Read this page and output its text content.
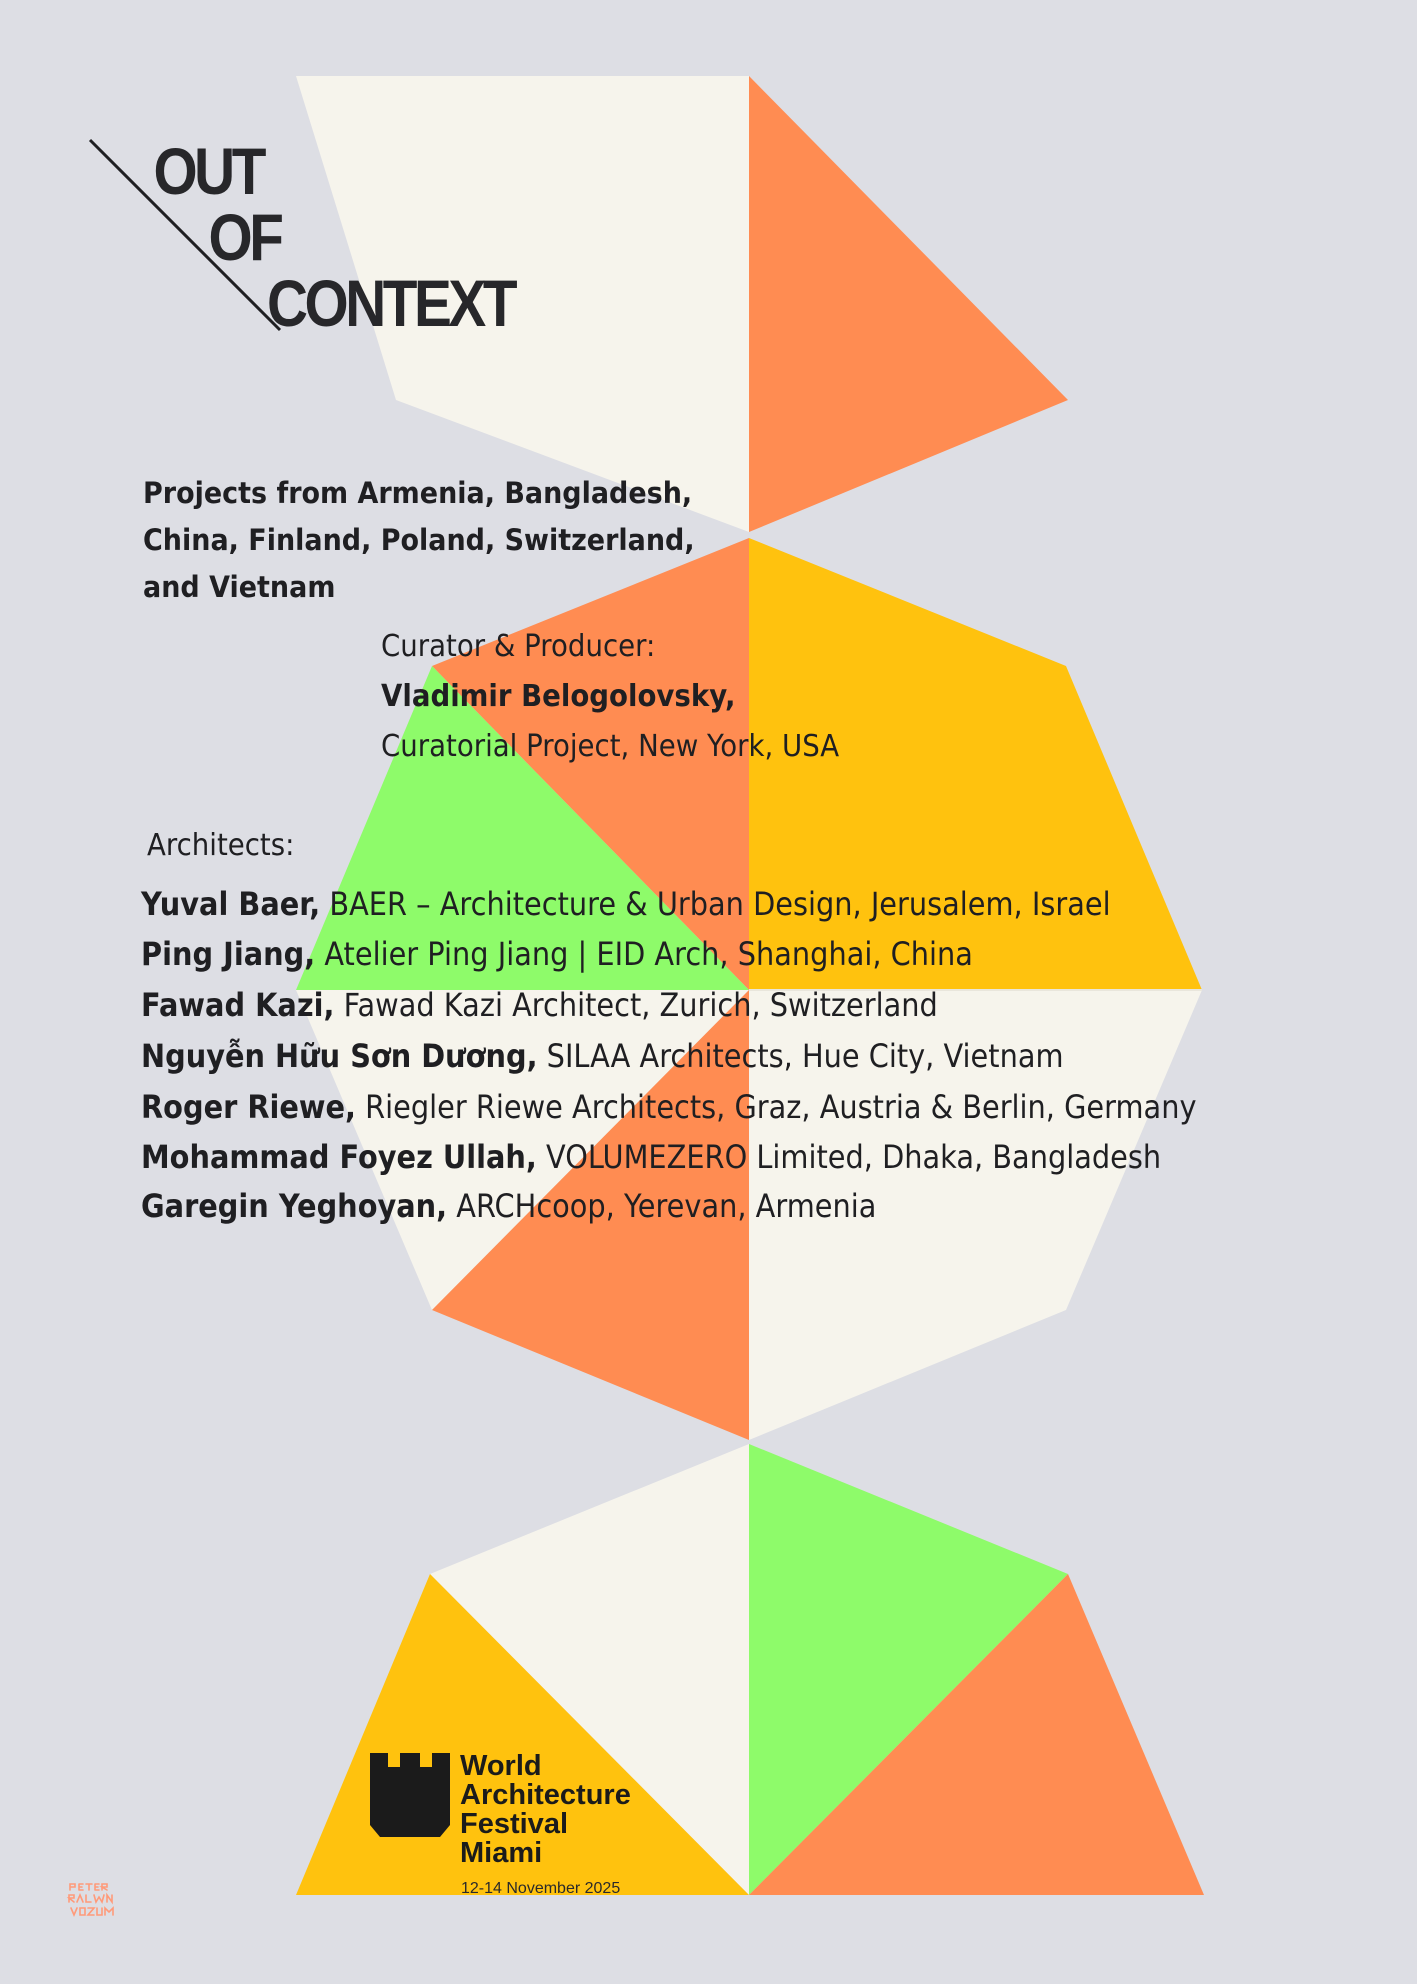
OUT
OF
CONTEXT
Projects from Armenia, Bangladesh,
China, Finland, Poland, Switzerland,
and Vietnam
Curator & Producer:
Vladimir Belogolovsky,
Curatorial Project, New York, USA
Architects:
Yuval Baer, BAER – Architecture & Urban Design, Jerusalem, Israel
Ping Jiang, Atelier Ping Jiang | EID Arch, Shanghai, China
Fawad Kazi, Fawad Kazi Architect, Zurich, Switzerland
Nguyễn Hữu Sơn Dương, SILAA Architects, Hue City, Vietnam
Roger Riewe, Riegler Riewe Architects, Graz, Austria & Berlin, Germany
Mohammad Foyez Ullah, VOLUMEZERO Limited, Dhaka, Bangladesh
Garegin Yeghoyan, ARCHcoop, Yerevan, Armenia
World
Architecture
Festival
Miami
12-14 November 2025
